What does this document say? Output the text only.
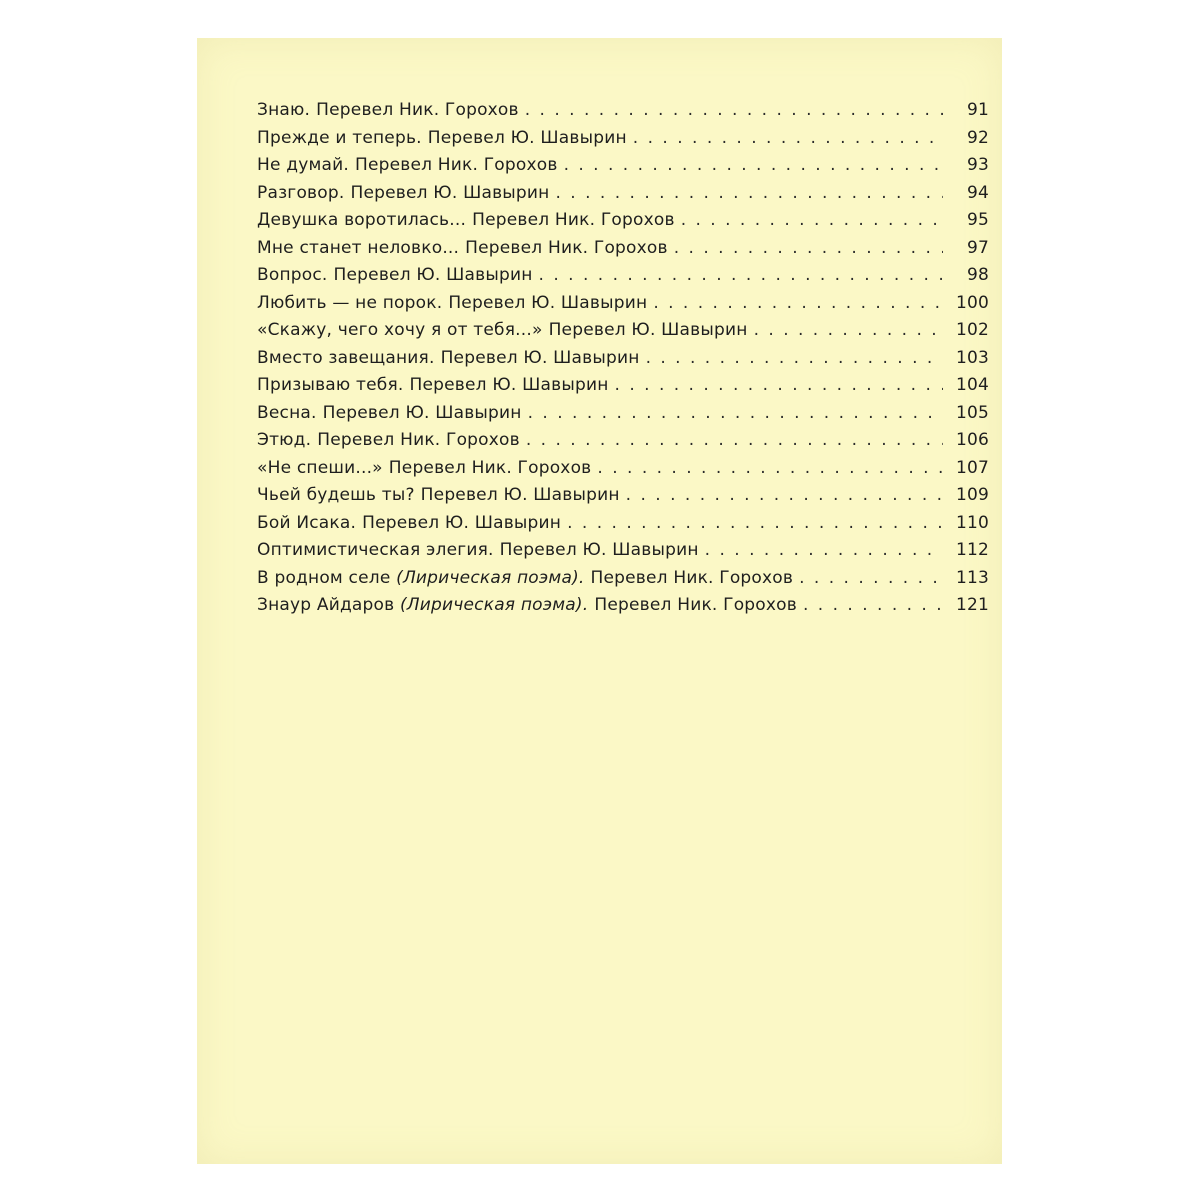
Знаю. Перевел Ник. Горохов . . .	91
Прежде и теперь. Перевел Ю. Шавырин . . .	92
Не думай. Перевел Ник. Горохов . . .	93
Разговор. Перевел Ю. Шавырин . . .	94
Девушка воротилась... Перевел Ник. Горохов . . .	95
Мне станет неловко... Перевел Ник. Горохов . . .	97
Вопрос. Перевел Ю. Шавырин . . .	98
Любить — не порок. Перевел Ю. Шавырин . . .	100
«Скажу, чего хочу я от тебя...» Перевел Ю. Шавырин . . .	102
Вместо завещания. Перевел Ю. Шавырин . . .	103
Призываю тебя. Перевел Ю. Шавырин . . .	104
Весна. Перевел Ю. Шавырин . . .	105
Этюд. Перевел Ник. Горохов . . .	106
«Не спеши...» Перевел Ник. Горохов . . .	107
Чьей будешь ты? Перевел Ю. Шавырин . . .	109
Бой Исака. Перевел Ю. Шавырин . . .	110
Оптимистическая элегия. Перевел Ю. Шавырин . . .	112
В родном селе (Лирическая поэма). Перевел Ник. Горохов . . .	113
Знаур Айдаров (Лирическая поэма). Перевел Ник. Горохов . . .	121
